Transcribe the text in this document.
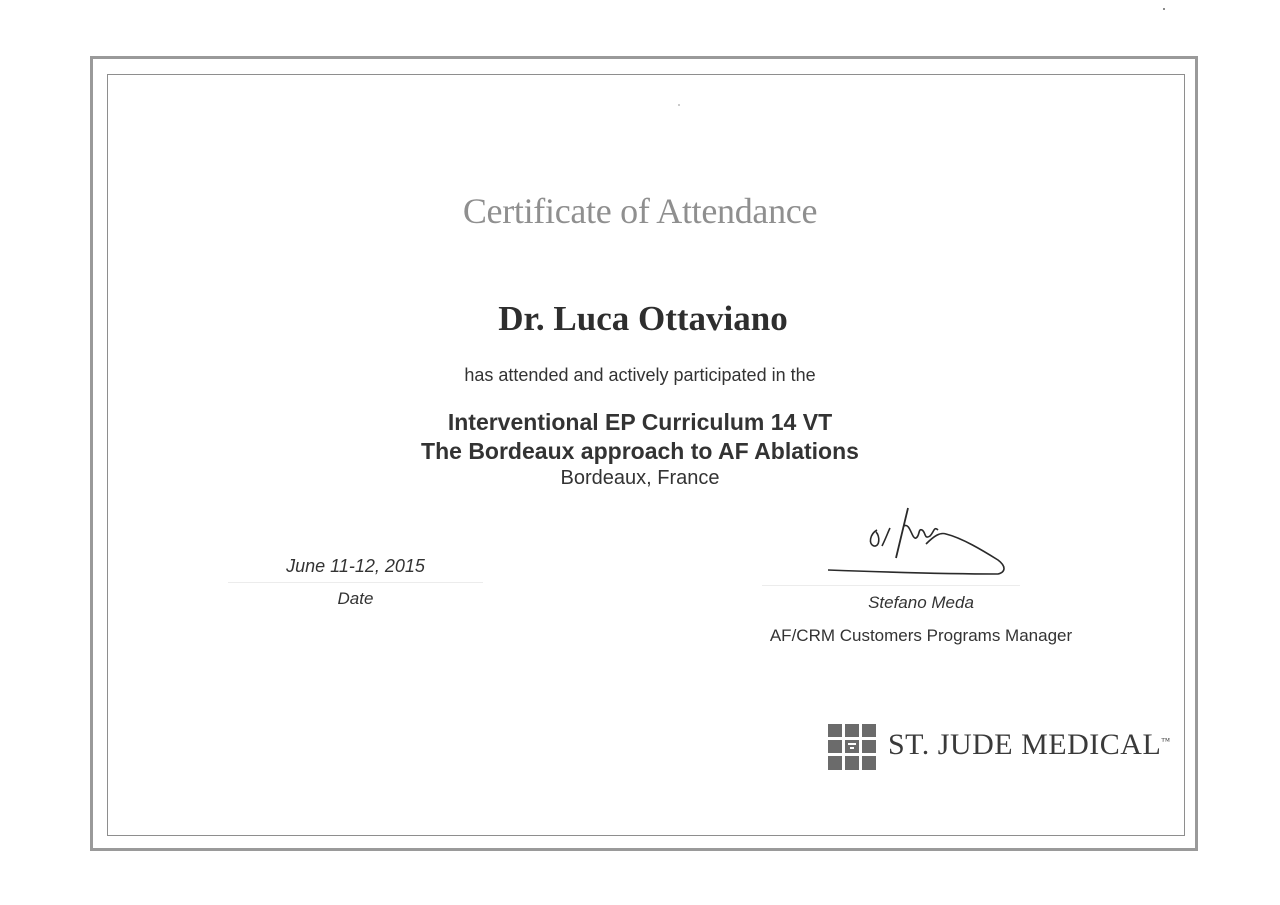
Certificate of Attendance
Dr. Luca Ottaviano
has attended and actively participated in the
Interventional EP Curriculum 14 VT
The Bordeaux approach to AF Ablations
Bordeaux, France
June 11-12, 2015
Date	Stefano Meda
AF/CRM Customers Programs Manager
ST. JUDE MEDICAL™
